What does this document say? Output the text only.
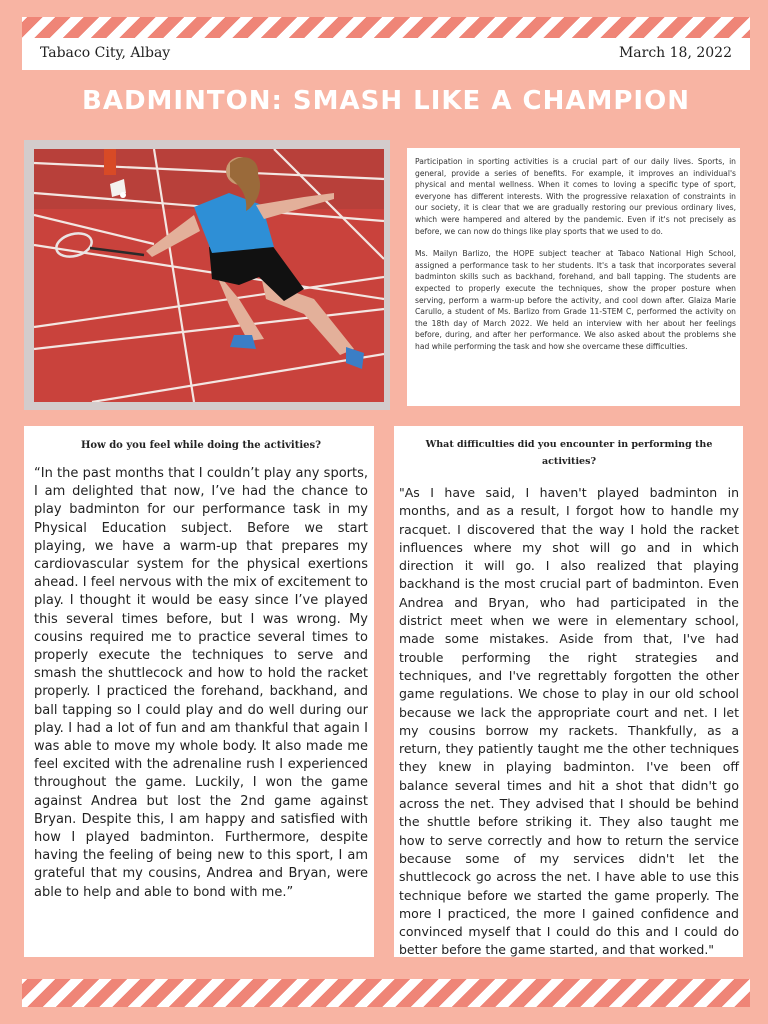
Tabaco City, Albay	March 18, 2022
BADMINTON: SMASH LIKE A CHAMPION

Participation in sporting activities is a crucial part of our daily lives. Sports, in general, provide a series of benefits. For example, it improves an individual's physical and mental wellness. When it comes to loving a specific type of sport, everyone has different interests. With the progressive relaxation of constraints in our society, it is clear that we are gradually restoring our previous ordinary lives, which were hampered and altered by the pandemic. Even if it's not precisely as before, we can now do things like play sports that we used to do.

Ms. Mailyn Barlizo, the HOPE subject teacher at Tabaco National High School, assigned a performance task to her students. It's a task that incorporates several badminton skills such as backhand, forehand, and ball tapping. The students are expected to properly execute the techniques, show the proper posture when serving, perform a warm-up before the activity, and cool down after. Glaiza Marie Carullo, a student of Ms. Barlizo from Grade 11-STEM C, performed the activity on the 18th day of March 2022. We held an interview with her about her feelings before, during, and after her performance. We also asked about the problems she had while performing the task and how she overcame these difficulties.

How do you feel while doing the activities?

“In the past months that I couldn’t play any sports, I am delighted that now, I’ve had the chance to play badminton for our performance task in my Physical Education subject. Before we start playing, we have a warm-up that prepares my cardiovascular system for the physical exertions ahead. I feel nervous with the mix of excitement to play. I thought it would be easy since I’ve played this several times before, but I was wrong. My cousins required me to practice several times to properly execute the techniques to serve and smash the shuttlecock and how to hold the racket properly. I practiced the forehand, backhand, and ball tapping so I could play and do well during our play. I had a lot of fun and am thankful that again I was able to move my whole body. It also made me feel excited with the adrenaline rush I experienced throughout the game. Luckily, I won the game against Andrea but lost the 2nd game against Bryan. Despite this, I am happy and satisfied with how I played badminton. Furthermore, despite having the feeling of being new to this sport, I am grateful that my cousins, Andrea and Bryan, were able to help and able to bond with me.”

What difficulties did you encounter in performing the activities?

"As I have said, I haven't played badminton in months, and as a result, I forgot how to handle my racquet. I discovered that the way I hold the racket influences where my shot will go and in which direction it will go. I also realized that playing backhand is the most crucial part of badminton. Even Andrea and Bryan, who had participated in the district meet when we were in elementary school, made some mistakes. Aside from that, I've had trouble performing the right strategies and techniques, and I've regrettably forgotten the other game regulations. We chose to play in our old school because we lack the appropriate court and net. I let my cousins borrow my rackets. Thankfully, as a return, they patiently taught me the other techniques they knew in playing badminton. I've been off balance several times and hit a shot that didn't go across the net. They advised that I should be behind the shuttle before striking it. They also taught me how to serve correctly and how to return the service because some of my services didn't let the shuttlecock go across the net. I have able to use this technique before we started the game properly. The more I practiced, the more I gained confidence and convinced myself that I could do this and I could do better before the game started, and that worked."
